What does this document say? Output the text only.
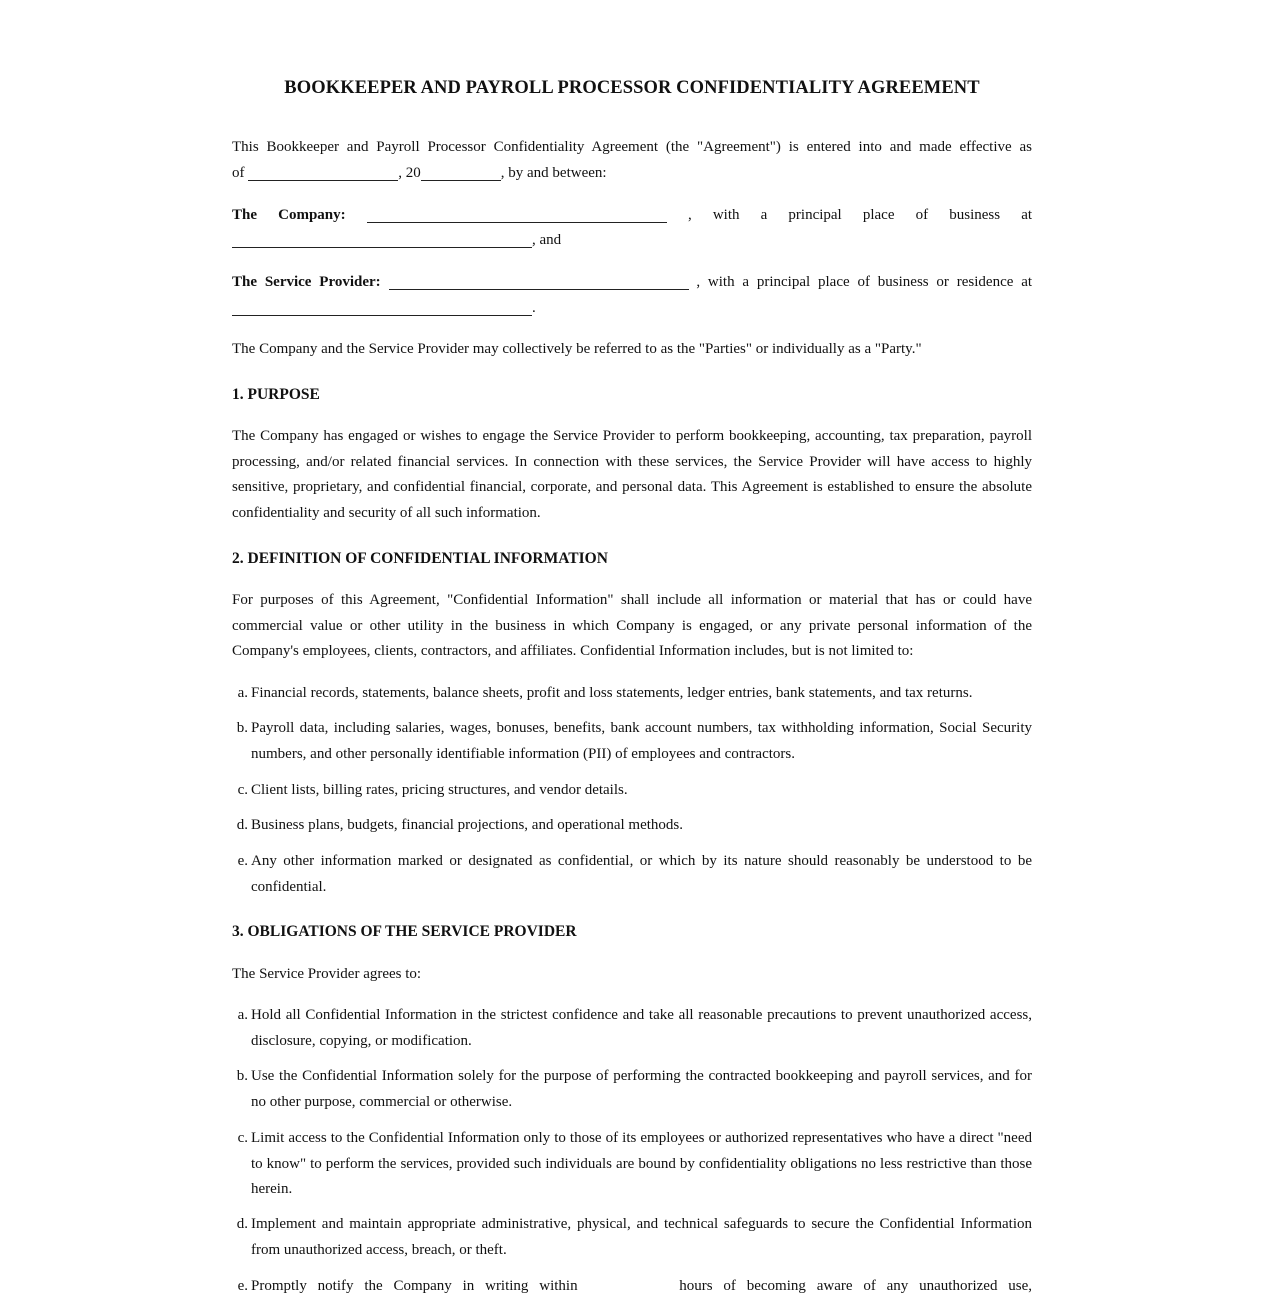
BOOKKEEPER AND PAYROLL PROCESSOR CONFIDENTIALITY AGREEMENT

This Bookkeeper and Payroll Processor Confidentiality Agreement (the "Agreement") is entered into and made effective as

of	, 20	, by and between:

The Company:	, with a principal place of business at

, and

The Service Provider:	, with a principal place of business or residence at

.

The Company and the Service Provider may collectively be referred to as the "Parties" or individually as a "Party."

1. PURPOSE

The Company has engaged or wishes to engage the Service Provider to perform bookkeeping, accounting, tax preparation, payroll processing, and/or related financial services. In connection with these services, the Service Provider will have access to highly sensitive, proprietary, and confidential financial, corporate, and personal data. This Agreement is established to ensure the absolute confidentiality and security of all such information.

2. DEFINITION OF CONFIDENTIAL INFORMATION

For purposes of this Agreement, "Confidential Information" shall include all information or material that has or could have commercial value or other utility in the business in which Company is engaged, or any private personal information of the Company's employees, clients, contractors, and affiliates. Confidential Information includes, but is not limited to:

a. Financial records, statements, balance sheets, profit and loss statements, ledger entries, bank statements, and tax returns.
b. Payroll data, including salaries, wages, bonuses, benefits, bank account numbers, tax withholding information, Social Security numbers, and other personally identifiable information (PII) of employees and contractors.
c. Client lists, billing rates, pricing structures, and vendor details.
d. Business plans, budgets, financial projections, and operational methods.
e. Any other information marked or designated as confidential, or which by its nature should reasonably be understood to be confidential.
3. OBLIGATIONS OF THE SERVICE PROVIDER

The Service Provider agrees to:

a. Hold all Confidential Information in the strictest confidence and take all reasonable precautions to prevent unauthorized access, disclosure, copying, or modification.
b. Use the Confidential Information solely for the purpose of performing the contracted bookkeeping and payroll services, and for no other purpose, commercial or otherwise.
c. Limit access to the Confidential Information only to those of its employees or authorized representatives who have a direct "need to know" to perform the services, provided such individuals are bound by confidentiality obligations no less restrictive than those herein.
d. Implement and maintain appropriate administrative, physical, and technical safeguards to secure the Confidential Information from unauthorized access, breach, or theft.
e. Promptly notify the Company in writing within	hours of becoming aware of any unauthorized use,
